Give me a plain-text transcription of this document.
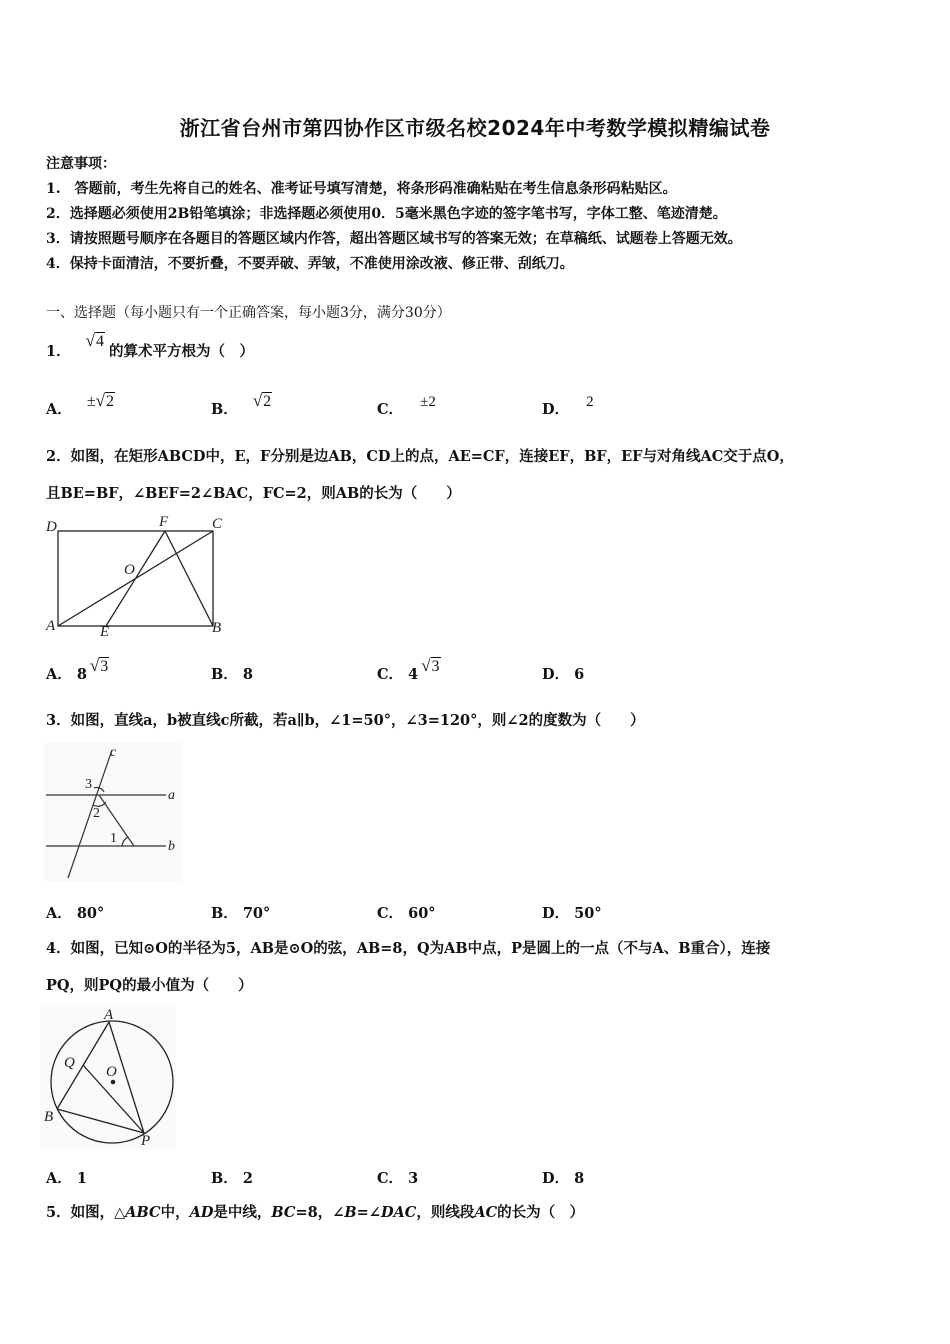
浙江省台州市第四协作区市级名校2024年中考数学模拟精编试卷
注意事项：
1.　答题前，考生先将自己的姓名、准考证号填写清楚，将条形码准确粘贴在考生信息条形码粘贴区。
2．选择题必须使用2B铅笔填涂；非选择题必须使用0．5毫米黑色字迹的签字笔书写，字体工整、笔迹清楚。
3．请按照题号顺序在各题目的答题区域内作答，超出答题区域书写的答案无效；在草稿纸、试题卷上答题无效。
4．保持卡面清洁，不要折叠，不要弄破、弄皱，不准使用涂改液、修正带、刮纸刀。
一、选择题（每小题只有一个正确答案，每小题3分，满分30分）
1． √4的算术平方根为（　）
A． ±√2	B． √2	C． ±2	D． 2
2．如图，在矩形ABCD中，E，F分别是边AB，CD上的点，AE=CF，连接EF，BF，EF与对角线AC交于点O，
且BE=BF，∠BEF=2∠BAC，FC=2，则AB的长为（　　）
D	F	C
O
A	E	B
A． 8 √3	B． 8	C． 4 √3	D． 6
3．如图，直线a，b被直线c所截，若a∥b，∠1=50°，∠3=120°，则∠2的度数为（　　）
c
a
b
3
2
1
A． 80°	B． 70°	C． 60°	D． 50°
4．如图，已知⊙O的半径为5，AB是⊙O的弦，AB=8，Q为AB中点，P是圆上的一点（不与A、B重合），连接
PQ，则PQ的最小值为（　　）
A
Q
O
B
P
A． 1	B． 2	C． 3	D． 8
5．如图，△ABC中，AD是中线，BC=8，∠B=∠DAC，则线段AC的长为（　）
